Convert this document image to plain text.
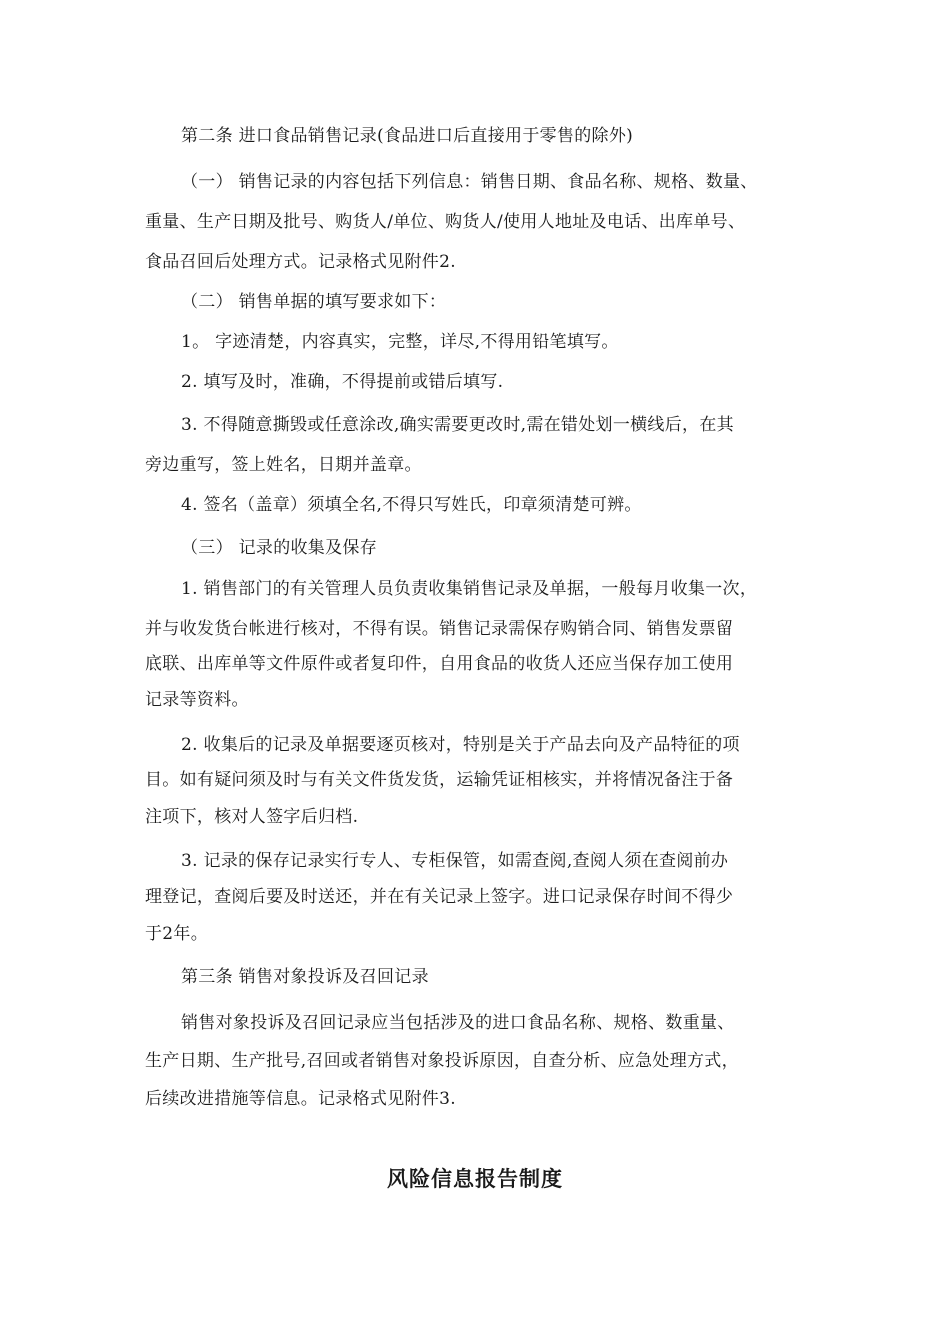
第二条 进口食品销售记录(食品进口后直接用于零售的除外)
（一） 销售记录的内容包括下列信息：销售日期、食品名称、规格、数量、
重量、生产日期及批号、购货人/单位、购货人/使用人地址及电话、出库单号、
食品召回后处理方式。记录格式见附件2.
（二） 销售单据的填写要求如下：
1。 字迹清楚，内容真实，完整，详尽,不得用铅笔填写。
2. 填写及时，准确，不得提前或错后填写.
3. 不得随意撕毁或任意涂改,确实需要更改时,需在错处划一横线后，在其
旁边重写，签上姓名，日期并盖章。
4. 签名（盖章）须填全名,不得只写姓氏，印章须清楚可辨。
（三） 记录的收集及保存
1. 销售部门的有关管理人员负责收集销售记录及单据，一般每月收集一次，
并与收发货台帐进行核对，不得有误。销售记录需保存购销合同、销售发票留
底联、出库单等文件原件或者复印件，自用食品的收货人还应当保存加工使用
记录等资料。
2. 收集后的记录及单据要逐页核对，特别是关于产品去向及产品特征的项
目。如有疑问须及时与有关文件货发货，运输凭证相核实，并将情况备注于备
注项下，核对人签字后归档.
3. 记录的保存记录实行专人、专柜保管，如需查阅,查阅人须在查阅前办
理登记，查阅后要及时送还，并在有关记录上签字。进口记录保存时间不得少
于2年。
第三条 销售对象投诉及召回记录
销售对象投诉及召回记录应当包括涉及的进口食品名称、规格、数重量、
生产日期、生产批号,召回或者销售对象投诉原因，自查分析、应急处理方式，
后续改进措施等信息。记录格式见附件3.
风险信息报告制度
